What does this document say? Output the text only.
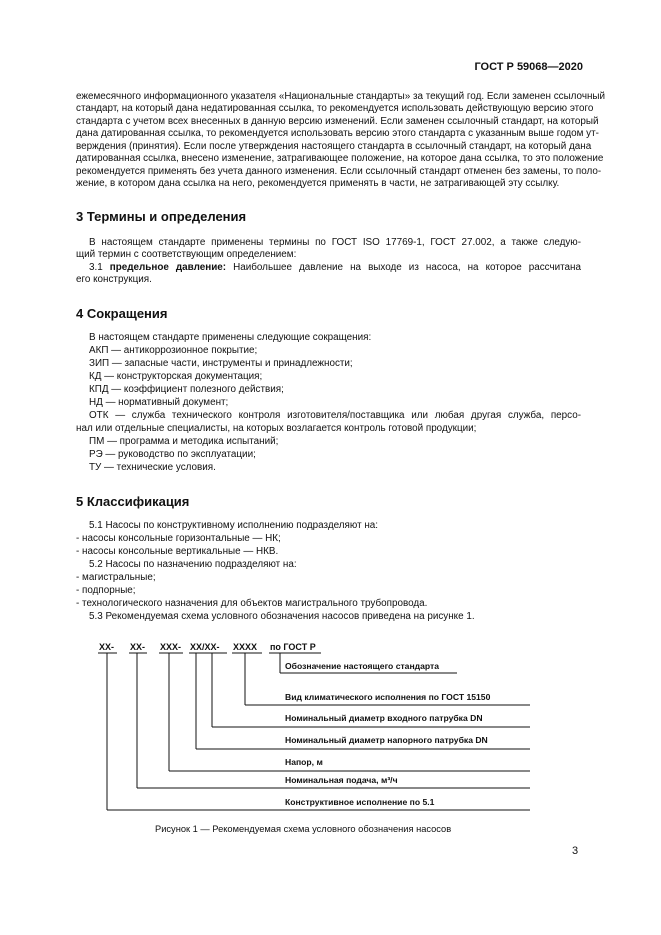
ГОСТ Р 59068—2020

ежемесячного информационного указателя «Национальные стандарты» за текущий год. Если заменен ссылочный

стандарт, на который дана недатированная ссылка, то рекомендуется использовать действующую версию этого

стандарта с учетом всех внесенных в данную версию изменений. Если заменен ссылочный стандарт, на который

дана датированная ссылка, то рекомендуется использовать версию этого стандарта с указанным выше годом ут-

верждения (принятия). Если после утверждения настоящего стандарта в ссылочный стандарт, на который дана

датированная ссылка, внесено изменение, затрагивающее положение, на которое дана ссылка, то это положение

рекомендуется применять без учета данного изменения. Если ссылочный стандарт отменен без замены, то поло-

жение, в котором дана ссылка на него, рекомендуется применять в части, не затрагивающей эту ссылку.

3 Термины и определения

В настоящем стандарте применены термины по ГОСТ ISO 17769-1, ГОСТ 27.002, а также следую-

щий термин с соответствующим определением:

3.1 предельное давление: Наибольшее давление на выходе из насоса, на которое рассчитана

его конструкция.

4 Сокращения

В настоящем стандарте применены следующие сокращения:

АКП — антикоррозионное покрытие;

ЗИП — запасные части, инструменты и принадлежности;

КД — конструкторская документация;

КПД — коэффициент полезного действия;

НД — нормативный документ;

ОТК — служба технического контроля изготовителя/поставщика или любая другая служба, персо-

нал или отдельные специалисты, на которых возлагается контроль готовой продукции;

ПМ — программа и методика испытаний;

РЭ — руководство по эксплуатации;

ТУ — технические условия.

5 Классификация

5.1 Насосы по конструктивному исполнению подразделяют на:

- насосы консольные горизонтальные — НК;

- насосы консольные вертикальные — НКВ.

5.2 Насосы по назначению подразделяют на:

- магистральные;

- подпорные;

- технологического назначения для объектов магистрального трубопровода.

5.3 Рекомендуемая схема условного обозначения насосов приведена на рисунке 1.

XX- XX- XXX- XX/XX- XXXX по ГОСТ Р
Обозначение настоящего стандарта
Вид климатического исполнения по ГОСТ 15150
Номинальный диаметр входного патрубка DN
Номинальный диаметр напорного патрубка DN
Напор, м
Номинальная подача, м³/ч
Конструктивное исполнение по 5.1

Рисунок 1 — Рекомендуемая схема условного обозначения насосов

3
